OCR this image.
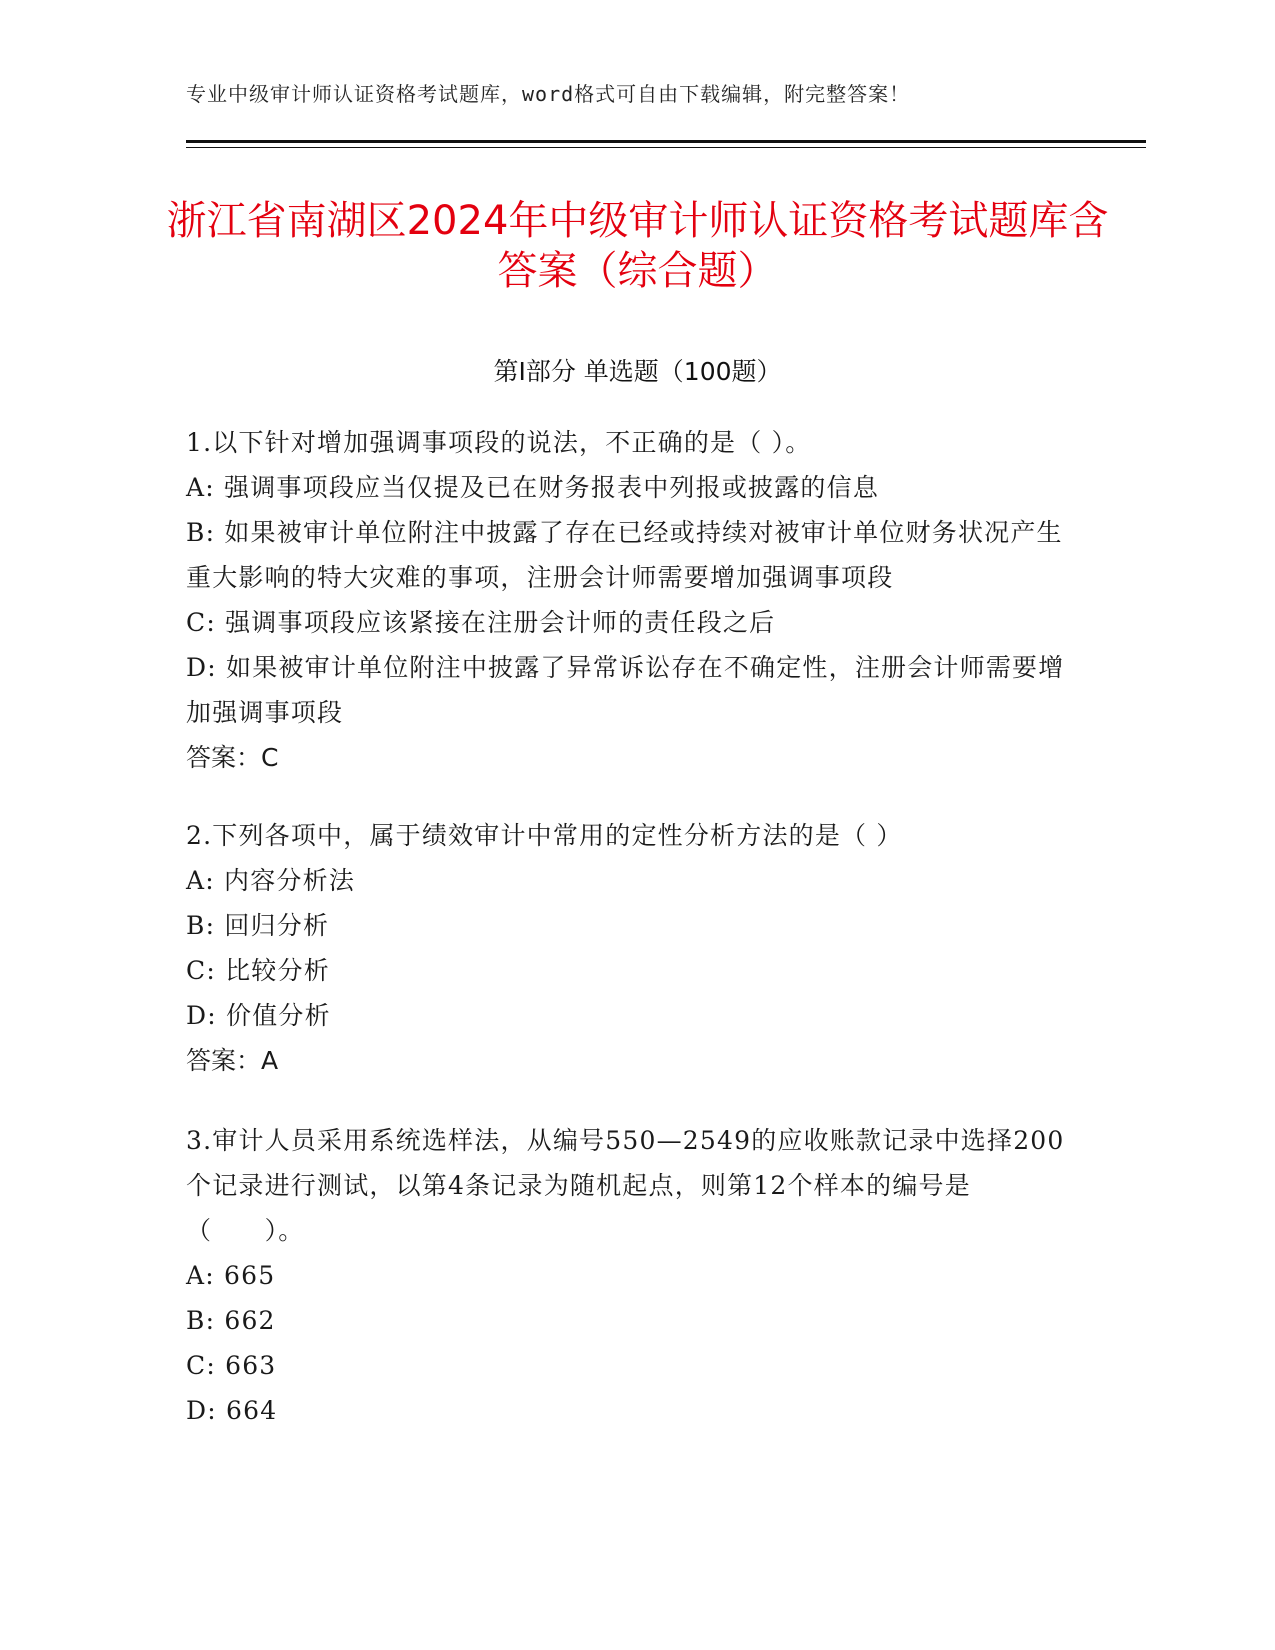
专业中级审计师认证资格考试题库，word格式可自由下载编辑，附完整答案！
浙江省南湖区2024年中级审计师认证资格考试题库含答案（综合题）
第Ⅰ部分 单选题（100题）

1.以下针对增加强调事项段的说法，不正确的是（ ）。

A: 强调事项段应当仅提及已在财务报表中列报或披露的信息

B: 如果被审计单位附注中披露了存在已经或持续对被审计单位财务状况产生重大影响的特大灾难的事项，注册会计师需要增加强调事项段

C: 强调事项段应该紧接在注册会计师的责任段之后

D: 如果被审计单位附注中披露了异常诉讼存在不确定性，注册会计师需要增加强调事项段

答案：C

2.下列各项中，属于绩效审计中常用的定性分析方法的是（ ）

A: 内容分析法

B: 回归分析

C: 比较分析

D: 价值分析

答案：A

3.审计人员采用系统选样法，从编号550—2549的应收账款记录中选择200个记录进行测试，以第4条记录为随机起点，则第12个样本的编号是（　　）。

A: 665

B: 662

C: 663

D: 664
